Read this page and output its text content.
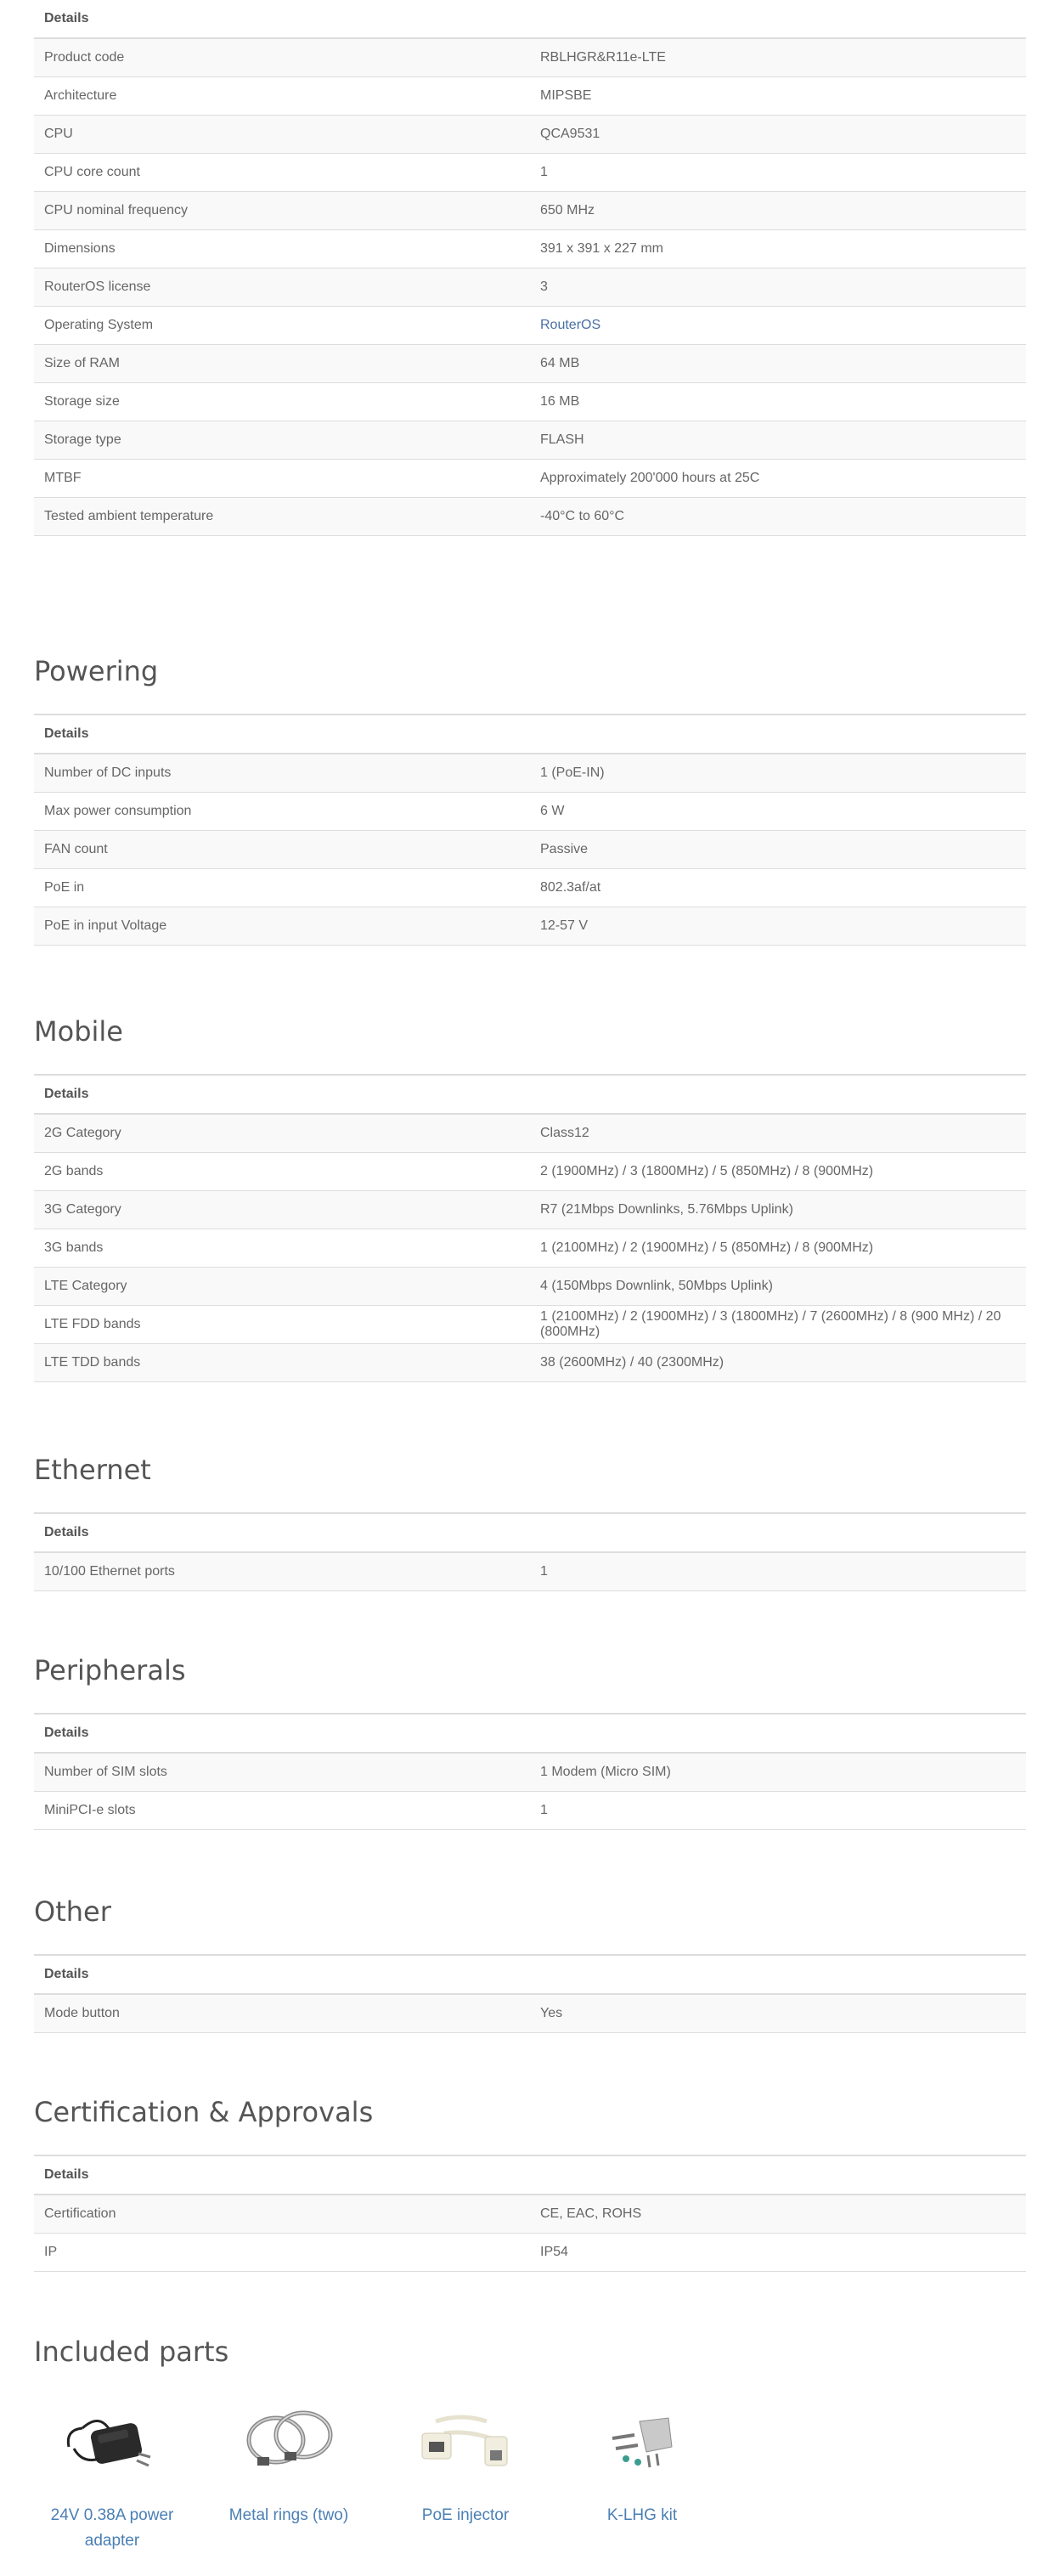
Details	
Product code	RBLHGR&R11e-LTE
Architecture	MIPSBE
CPU	QCA9531
CPU core count	1
CPU nominal frequency	650 MHz
Dimensions	391 x 391 x 227 mm
RouterOS license	3
Operating System	RouterOS
Size of RAM	64 MB
Storage size	16 MB
Storage type	FLASH
MTBF	Approximately 200'000 hours at 25C
Tested ambient temperature	-40°C to 60°C
Powering
Details	
Number of DC inputs	1 (PoE-IN)
Max power consumption	6 W
FAN count	Passive
PoE in	802.3af/at
PoE in input Voltage	12-57 V
Mobile
Details	
2G Category	Class12
2G bands	2 (1900MHz) / 3 (1800MHz) / 5 (850MHz) / 8 (900MHz)
3G Category	R7 (21Mbps Downlinks, 5.76Mbps Uplink)
3G bands	1 (2100MHz) / 2 (1900MHz) / 5 (850MHz) / 8 (900MHz)
LTE Category	4 (150Mbps Downlink, 50Mbps Uplink)
LTE FDD bands	1 (2100MHz) / 2 (1900MHz) / 3 (1800MHz) / 7 (2600MHz) / 8 (900 MHz) / 20 (800MHz)
LTE TDD bands	38 (2600MHz) / 40 (2300MHz)
Ethernet
Details
10/100 Ethernet ports	1
Peripherals
Details	
Number of SIM slots	1 Modem (Micro SIM)
MiniPCI-e slots	1
Other
Details
Mode button	Yes
Certification & Approvals
Details	
Certification	CE, EAC, ROHS
IP	IP54
Included parts
24V 0.38A power adapter
Metal rings (two)	PoE injector	K-LHG kit
